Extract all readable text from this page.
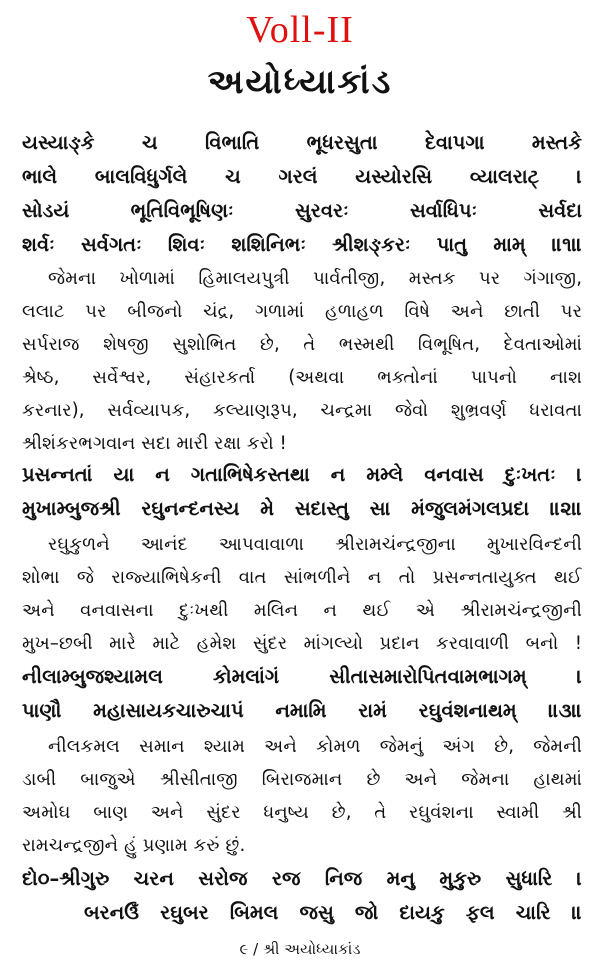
Voll-II
અયોધ્યાકાંડ
યસ્યાઙ્કે ચ વિભાતિ ભૂધરસુતા દેવાપગા મસ્તકે
ભાલે બાલવિધુર્ગલે ચ ગરલં યસ્યોરસિ વ્યાલરાટ્ ।
સોડયં ભૂતિવિભૂષિણઃ સુરવરઃ સર્વાધિપઃ સર્વદા
શર્વઃ સર્વગતઃ શિવઃ શશિનિભઃ શ્રીશઙ્કરઃ પાતુ મામ્ ॥૧॥
જેમના ખોળામાં હિમાલયપુત્રી પાર્વતીજી, મસ્તક પર ગંગાજી,
લલાટ પર બીજનો ચંદ્ર, ગળામાં હળાહળ વિષે અને છાતી પર
સર્પરાજ શેષજી સુશોભિત છે, તે ભસ્મથી વિભૂષિત, દેવતાઓમાં
શ્રેષ્ઠ, સર્વેશ્વર, સંહારકર્તા (અથવા ભક્તોનાં પાપનો નાશ
કરનાર), સર્વવ્યાપક, કલ્યાણરૂપ, ચન્દ્રમા જેવો શુભ્રવર્ણ ધરાવતા
શ્રીશંકરભગવાન સદા મારી રક્ષા કરો !
પ્રસન્નતાં યા ન ગતાભિષેકસ્તથા ન મમ્લે વનવાસ દુઃખતઃ ।
મુખામ્બુજશ્રી રઘુનન્દનસ્ય મે સદાસ્તુ સા મંજુલમંગલપ્રદા ॥૨॥
રઘુકુળને આનંદ આપવાવાળા શ્રીરામચંન્દ્રજીના મુખારવિન્દની
શોભા જે રાજ્યાભિષેકની વાત સાંભળીને ન તો પ્રસન્નતાયુક્ત થઈ
અને વનવાસના દુઃખથી મલિન ન થઈ એ શ્રીરામચંન્દ્રજીની
મુખ–છબી મારે માટે હમેશ સુંદર માંગલ્યો પ્રદાન કરવાવાળી બનો !
નીલામ્બુજશ્યામલ કોમલાંગં સીતાસમારોપિતવામભાગમ્ ।
પાણૌ મહાસાયકચારુચાપં નમામિ રામં રઘુવંશનાથમ્ ॥૩॥
નીલકમલ સમાન શ્યામ અને કોમળ જેમનું અંગ છે, જેમની
ડાબી બાજુએ શ્રીસીતાજી બિરાજમાન છે અને જેમના હાથમાં
અમોઘ બાણ અને સુંદર ધનુષ્ય છે, તે રઘુવંશના સ્વામી શ્રી
રામચન્દ્રજીને હું પ્રણામ કરું છું.
દો૦–શ્રીગુરુ ચરન સરોજ રજ નિજ મનુ મુકુરુ સુધારિ ।
બરનઉઁ રઘુબર બિમલ જસુ જો દાયકુ ફલ ચારિ ॥
૯ / શ્રી અયોધ્યાકાંડ
